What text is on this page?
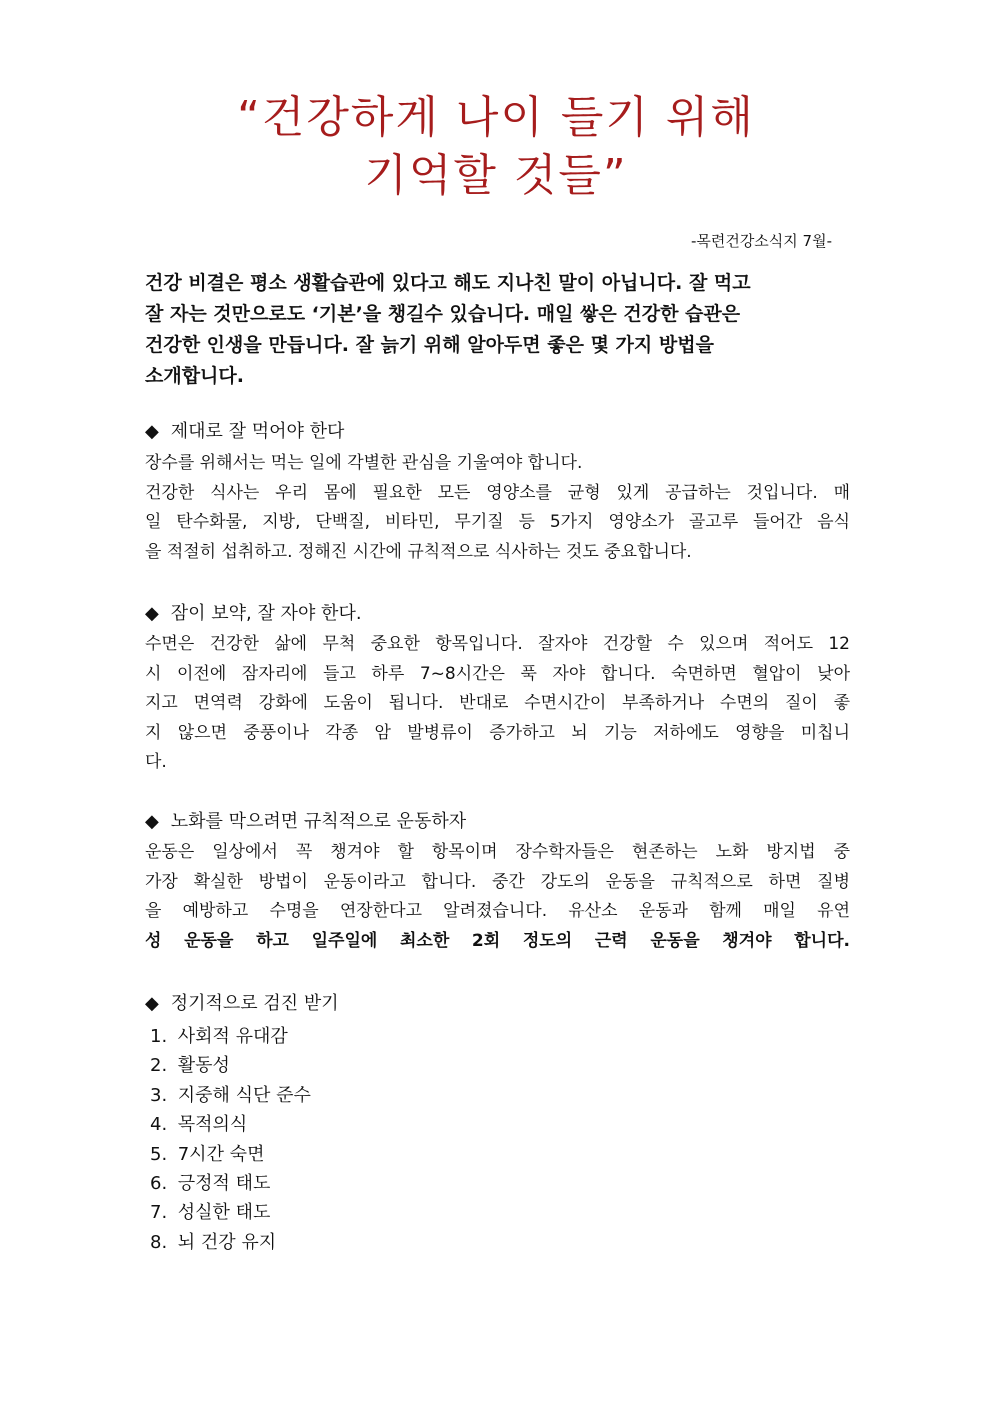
“건강하게 나이 들기 위해
기억할 것들”
-목련건강소식지 7월-

건강 비결은 평소 생활습관에 있다고 해도 지나친 말이 아닙니다. 잘 먹고
잘 자는 것만으로도 ‘기본’을 챙길수 있습니다. 매일 쌓은 건강한 습관은
건강한 인생을 만듭니다. 잘 늙기 위해 알아두면 좋은 몇 가지 방법을
소개합니다.

◆ 제대로 잘 먹어야 한다
장수를 위해서는 먹는 일에 각별한 관심을 기울여야 합니다.
건강한 식사는 우리 몸에 필요한 모든 영양소를 균형 있게 공급하는 것입니다. 매
일 탄수화물, 지방, 단백질, 비타민, 무기질 등 5가지 영양소가 골고루 들어간 음식
을 적절히 섭취하고. 정해진 시간에 규칙적으로 식사하는 것도 중요합니다.
◆ 잠이 보약, 잘 자야 한다.
수면은 건강한 삶에 무척 중요한 항목입니다. 잘자야 건강할 수 있으며 적어도 12
시 이전에 잠자리에 들고 하루 7~8시간은 푹 자야 합니다. 숙면하면 혈압이 낮아
지고 면역력 강화에 도움이 됩니다. 반대로 수면시간이 부족하거나 수면의 질이 좋
지 않으면 중풍이나 각종 암 발병류이 증가하고 뇌 기능 저하에도 영향을 미칩니
다.
◆ 노화를 막으려면 규칙적으로 운동하자
운동은 일상에서 꼭 챙겨야 할 항목이며 장수학자들은 현존하는 노화 방지법 중
가장 확실한 방법이 운동이라고 합니다. 중간 강도의 운동을 규칙적으로 하면 질병
을 예방하고 수명을 연장한다고 알려졌습니다. 유산소 운동과 함께 매일 유연
성 운동을 하고 일주일에 최소한 2회 정도의 근력 운동을 챙겨야 합니다.
◆ 정기적으로 검진 받기
1. 사회적 유대감
2. 활동성
3. 지중해 식단 준수
4. 목적의식
5. 7시간 숙면
6. 긍정적 태도
7. 성실한 태도
8. 뇌 건강 유지
